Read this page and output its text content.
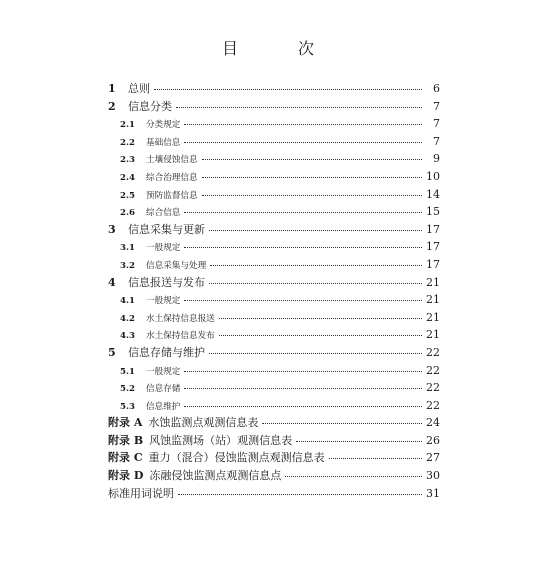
目　次
1	总则	6
2	信息分类	7
2.1	分类规定	7
2.2	基础信息	7
2.3	土壤侵蚀信息	9
2.4	综合治理信息	10
2.5	预防监督信息	14
2.6	综合信息	15
3	信息采集与更新	17
3.1	一般规定	17
3.2	信息采集与处理	17
4	信息报送与发布	21
4.1	一般规定	21
4.2	水土保持信息报送	21
4.3	水土保持信息发布	21
5	信息存储与维护	22
5.1	一般规定	22
5.2	信息存储	22
5.3	信息维护	22
附录 A 水蚀监测点观测信息表	24
附录 B 风蚀监测场（站）观测信息表	26
附录 C 重力（混合）侵蚀监测点观测信息表	27
附录 D 冻融侵蚀监测点观测信息点	30
标准用词说明	31
